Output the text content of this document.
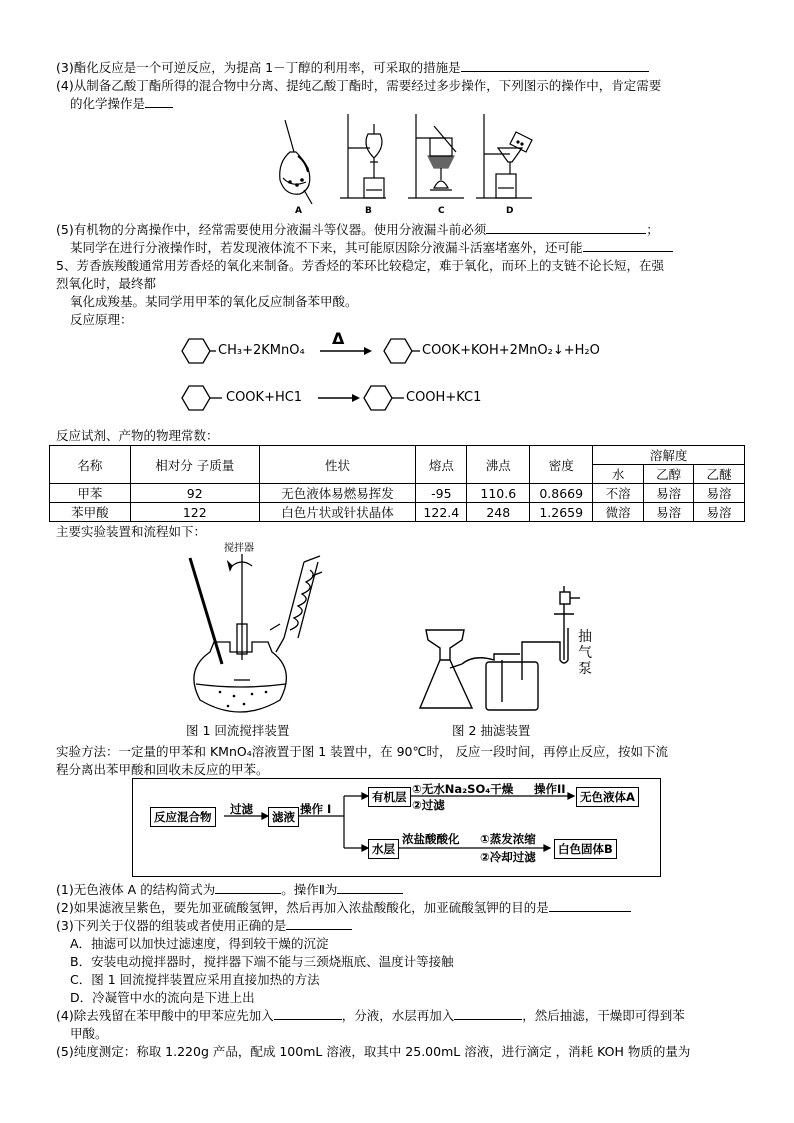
(3)酯化反应是一个可逆反应，为提高 1－丁醇的利用率，可采取的措施是
(4)从制备乙酸丁酯所得的混合物中分离、提纯乙酸丁酯时，需要经过多步操作，下列图示的操作中，肯定需要
的化学操作是
A	B	C	D
(5)有机物的分离操作中，经常需要使用分液漏斗等仪器。使用分液漏斗前必须	；
某同学在进行分液操作时，若发现液体流不下来，其可能原因除分液漏斗活塞堵塞外，还可能
5、芳香族羧酸通常用芳香烃的氧化来制备。芳香烃的苯环比较稳定，难于氧化，而环上的支链不论长短，在强
烈氧化时，最终都
氧化成羧基。某同学用甲苯的氧化反应制备苯甲酸。
反应原理：
CH₃+2KMnO₄
Δ
COOK+KOH+2MnO₂↓+H₂O
COOK+HC1 →	COOH+KC1
反应试剂、产物的物理常数：
名称	相对分 子质量	性状	熔点	沸点	密度	溶解度		
						水	乙醇	乙醚
甲苯	92	无色液体易燃易挥发	-95	110.6	0.8669	不溶	易溶	易溶
苯甲酸	122	白色片状或针状晶体	122.4	248	1.2659	微溶	易溶	易溶
主要实验装置和流程如下：
搅拌器
图 1 回流搅拌装置
抽
气
泵
图 2 抽滤装置
实验方法：一定量的甲苯和 KMnO₄溶液置于图 1 装置中，在 90℃时， 反应一段时间，再停止反应，按如下流
程分离出苯甲酸和回收未反应的甲苯。
反应混合物
过滤
滤液
操作 I
有机层
①无水Na₂SO₄干燥
②过滤
操作II
无色液体A
水层
浓盐酸酸化 ①蒸发浓缩
②冷却过滤
白色固体B
(1)无色液体 A 的结构简式为	。操作Ⅱ为
(2)如果滤液呈紫色，要先加亚硫酸氢钾，然后再加入浓盐酸酸化，加亚硫酸氢钾的目的是
(3)下列关于仪器的组装或者使用正确的是
A．抽滤可以加快过滤速度，得到较干燥的沉淀
B．安装电动搅拌器时，搅拌器下端不能与三颈烧瓶底、温度计等接触
C．图 1 回流搅拌装置应采用直接加热的方法
D．冷凝管中水的流向是下进上出
(4)除去残留在苯甲酸中的甲苯应先加入	，分液，水层再加入	，然后抽滤，干燥即可得到苯
甲酸。
(5)纯度测定：称取 1.220g 产品，配成 100mL 溶液，取其中 25.00mL 溶液，进行滴定 ，消耗 KOH 物质的量为
